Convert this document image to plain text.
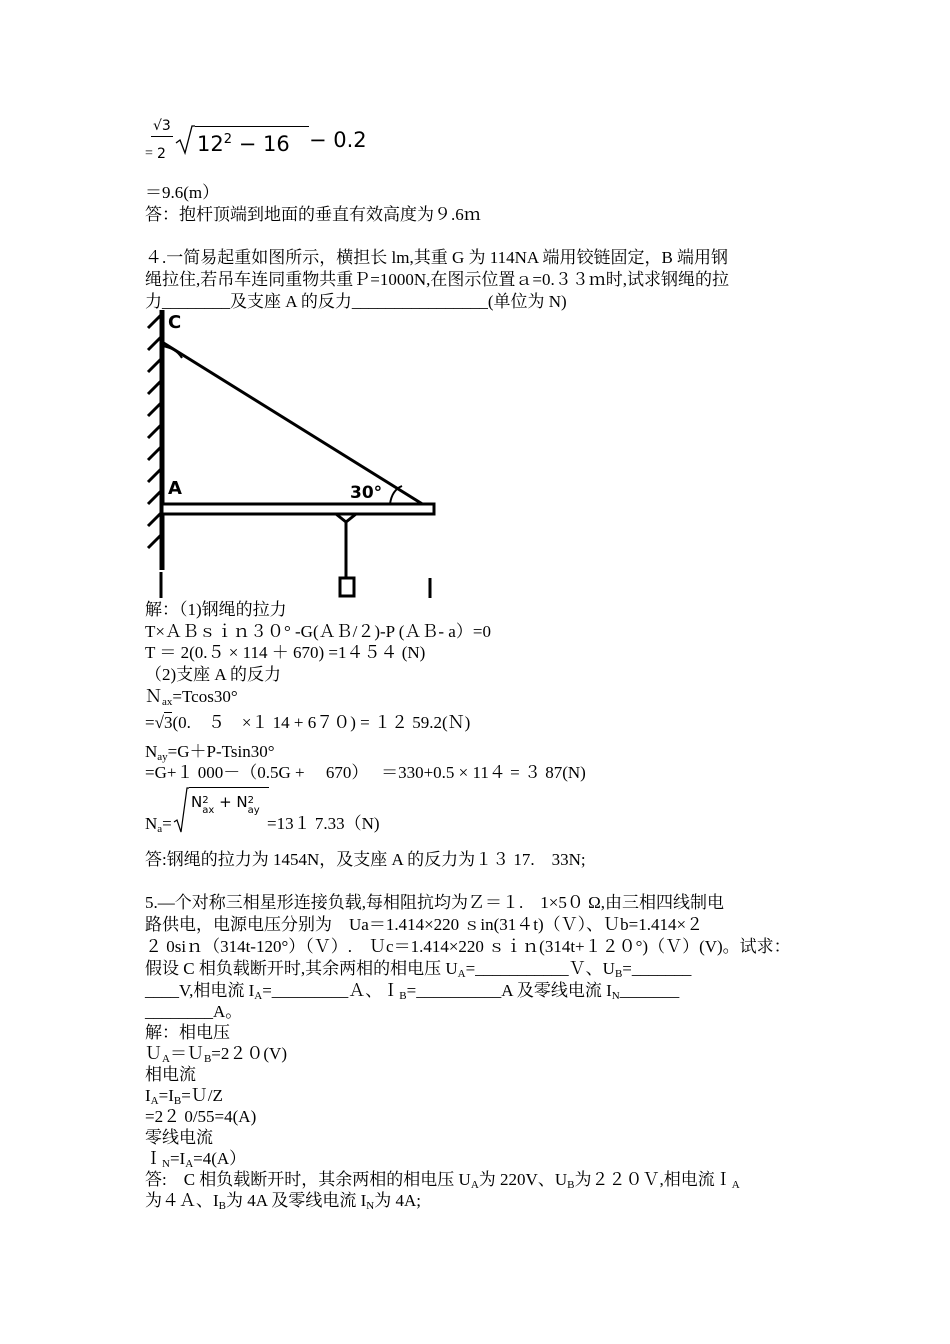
√3
= 2 $12^2 - 16 - 0.2$
＝9.6(m）
答：抱杆顶端到地面的垂直有效高度为９.6ｍ
４.一简易起重如图所示，横担长 lm,其重 G 为 114NA 端用铰链固定，B 端用钢
绳拉住,若吊车连同重物共重Ｐ=1000N,在图示位置ａ=0.３３ｍ时,试求钢绳的拉
力________及支座 A 的反力________________(单位为 N)
C
A	30°
解：（1)钢绳的拉力
T×ＡＢｓｉｎ３０° -G(ＡＢ/２)-P (ＡＢ- a）=0
T ＝ 2(0.５ × 114 ＋ 670) =1４５４ (N)
（2)支座 A 的反力
Ｎ$_{ax}$=Tcos30°
=√3(0.　５　×１ 14 + 6７０) = １２ 59.2(Ｎ)
$N_{ay}=G+P-Tsin30^\circ$
=G+１ 000－（0.5G +　 670）　 ＝330+0.5 × 11４ = ３ 87(N)
$N_a=$
N2
ax + N2
ay
=13１ 7.33（N)
答:钢绳的拉力为 1454N，及支座 A 的反力为１３ 17.　33N;
5.—个对称三相星形连接负载,每相阻抗均为Ｚ＝１.　1×5０ Ω,由三相四线制电
路供电，电源电压分别为　Ua＝1.414×220 ｓin(31４t)（Ｖ）、Ｕb=1.414×２
２ 0siｎ（314t-120°）（Ｖ）.　Ｕc＝1.414×220 ｓｉｎ(314t+１２０°)（Ｖ）(V)。试求：
假设 C 相负载断开时,其余两相的相电压 $U_A=\_\_\_\_\_\_\_\_\_\_\_V$、$U_B=\_\_\_\_\_\_\_$
____V,相电流 $I_A=\_\_\_\_\_\_\_\_\_A$、Ｉ$_B$=__________A 及零线电流 $I_N\_\_\_\_\_\_\_$
________A。
解：相电压
Ｕ$_A$＝Ｕ$_B$=2２０(V)
相电流
$I_A=I_B=U/Z$
=2２ 0/55=4(A)
零线电流
$I_N=I_A=4(A)$
答:　C 相负载断开时，其余两相的相电压 $U_A$为 220V、$U_B$为２２０Ｖ,相电流Ｉ$_A$
为４Ａ、$I_B$为 4A 及零线电流 $I_N$为 4A;
